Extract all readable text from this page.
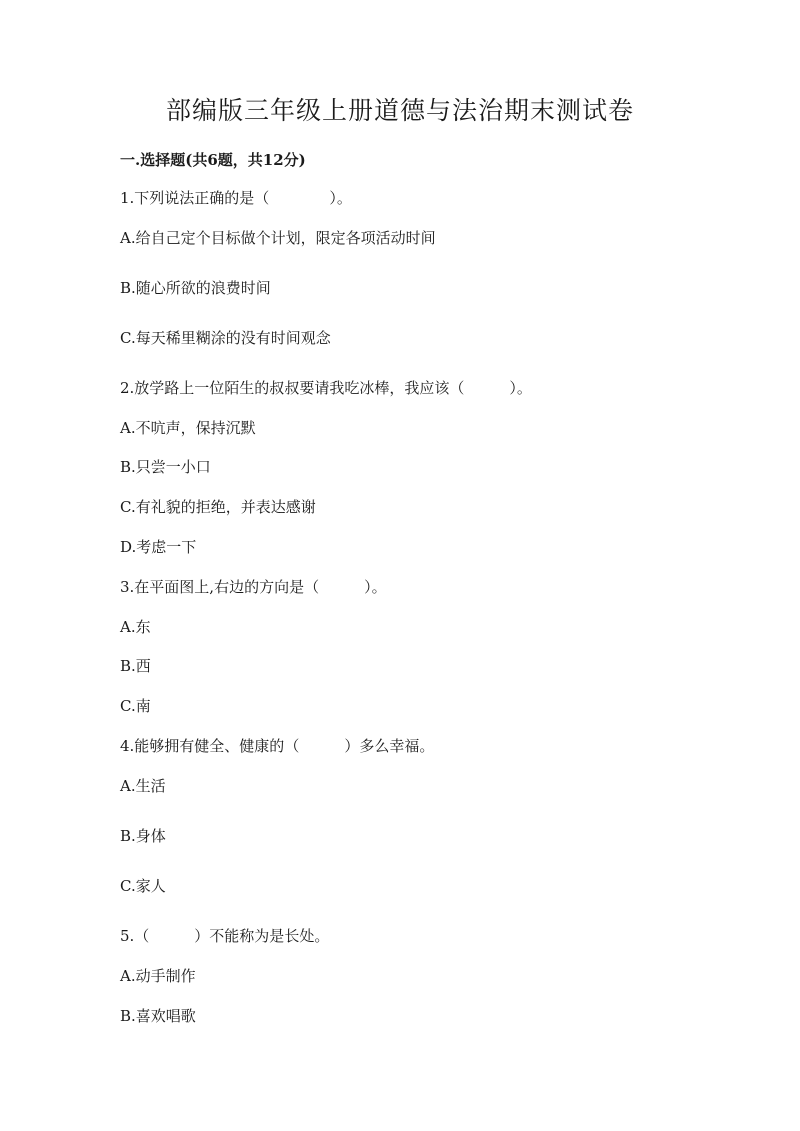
部编版三年级上册道德与法治期末测试卷
一.选择题(共6题，共12分)
1.下列说法正确的是（　　　　）。
A.给自己定个目标做个计划，限定各项活动时间
B.随心所欲的浪费时间
C.每天稀里糊涂的没有时间观念
2.放学路上一位陌生的叔叔要请我吃冰棒，我应该（　　　）。
A.不吭声，保持沉默
B.只尝一小口
C.有礼貌的拒绝，并表达感谢
D.考虑一下
3.在平面图上,右边的方向是（　　　）。
A.东
B.西
C.南
4.能够拥有健全、健康的（　　　）多么幸福。
A.生活
B.身体
C.家人
5.（　　　）不能称为是长处。
A.动手制作
B.喜欢唱歌
